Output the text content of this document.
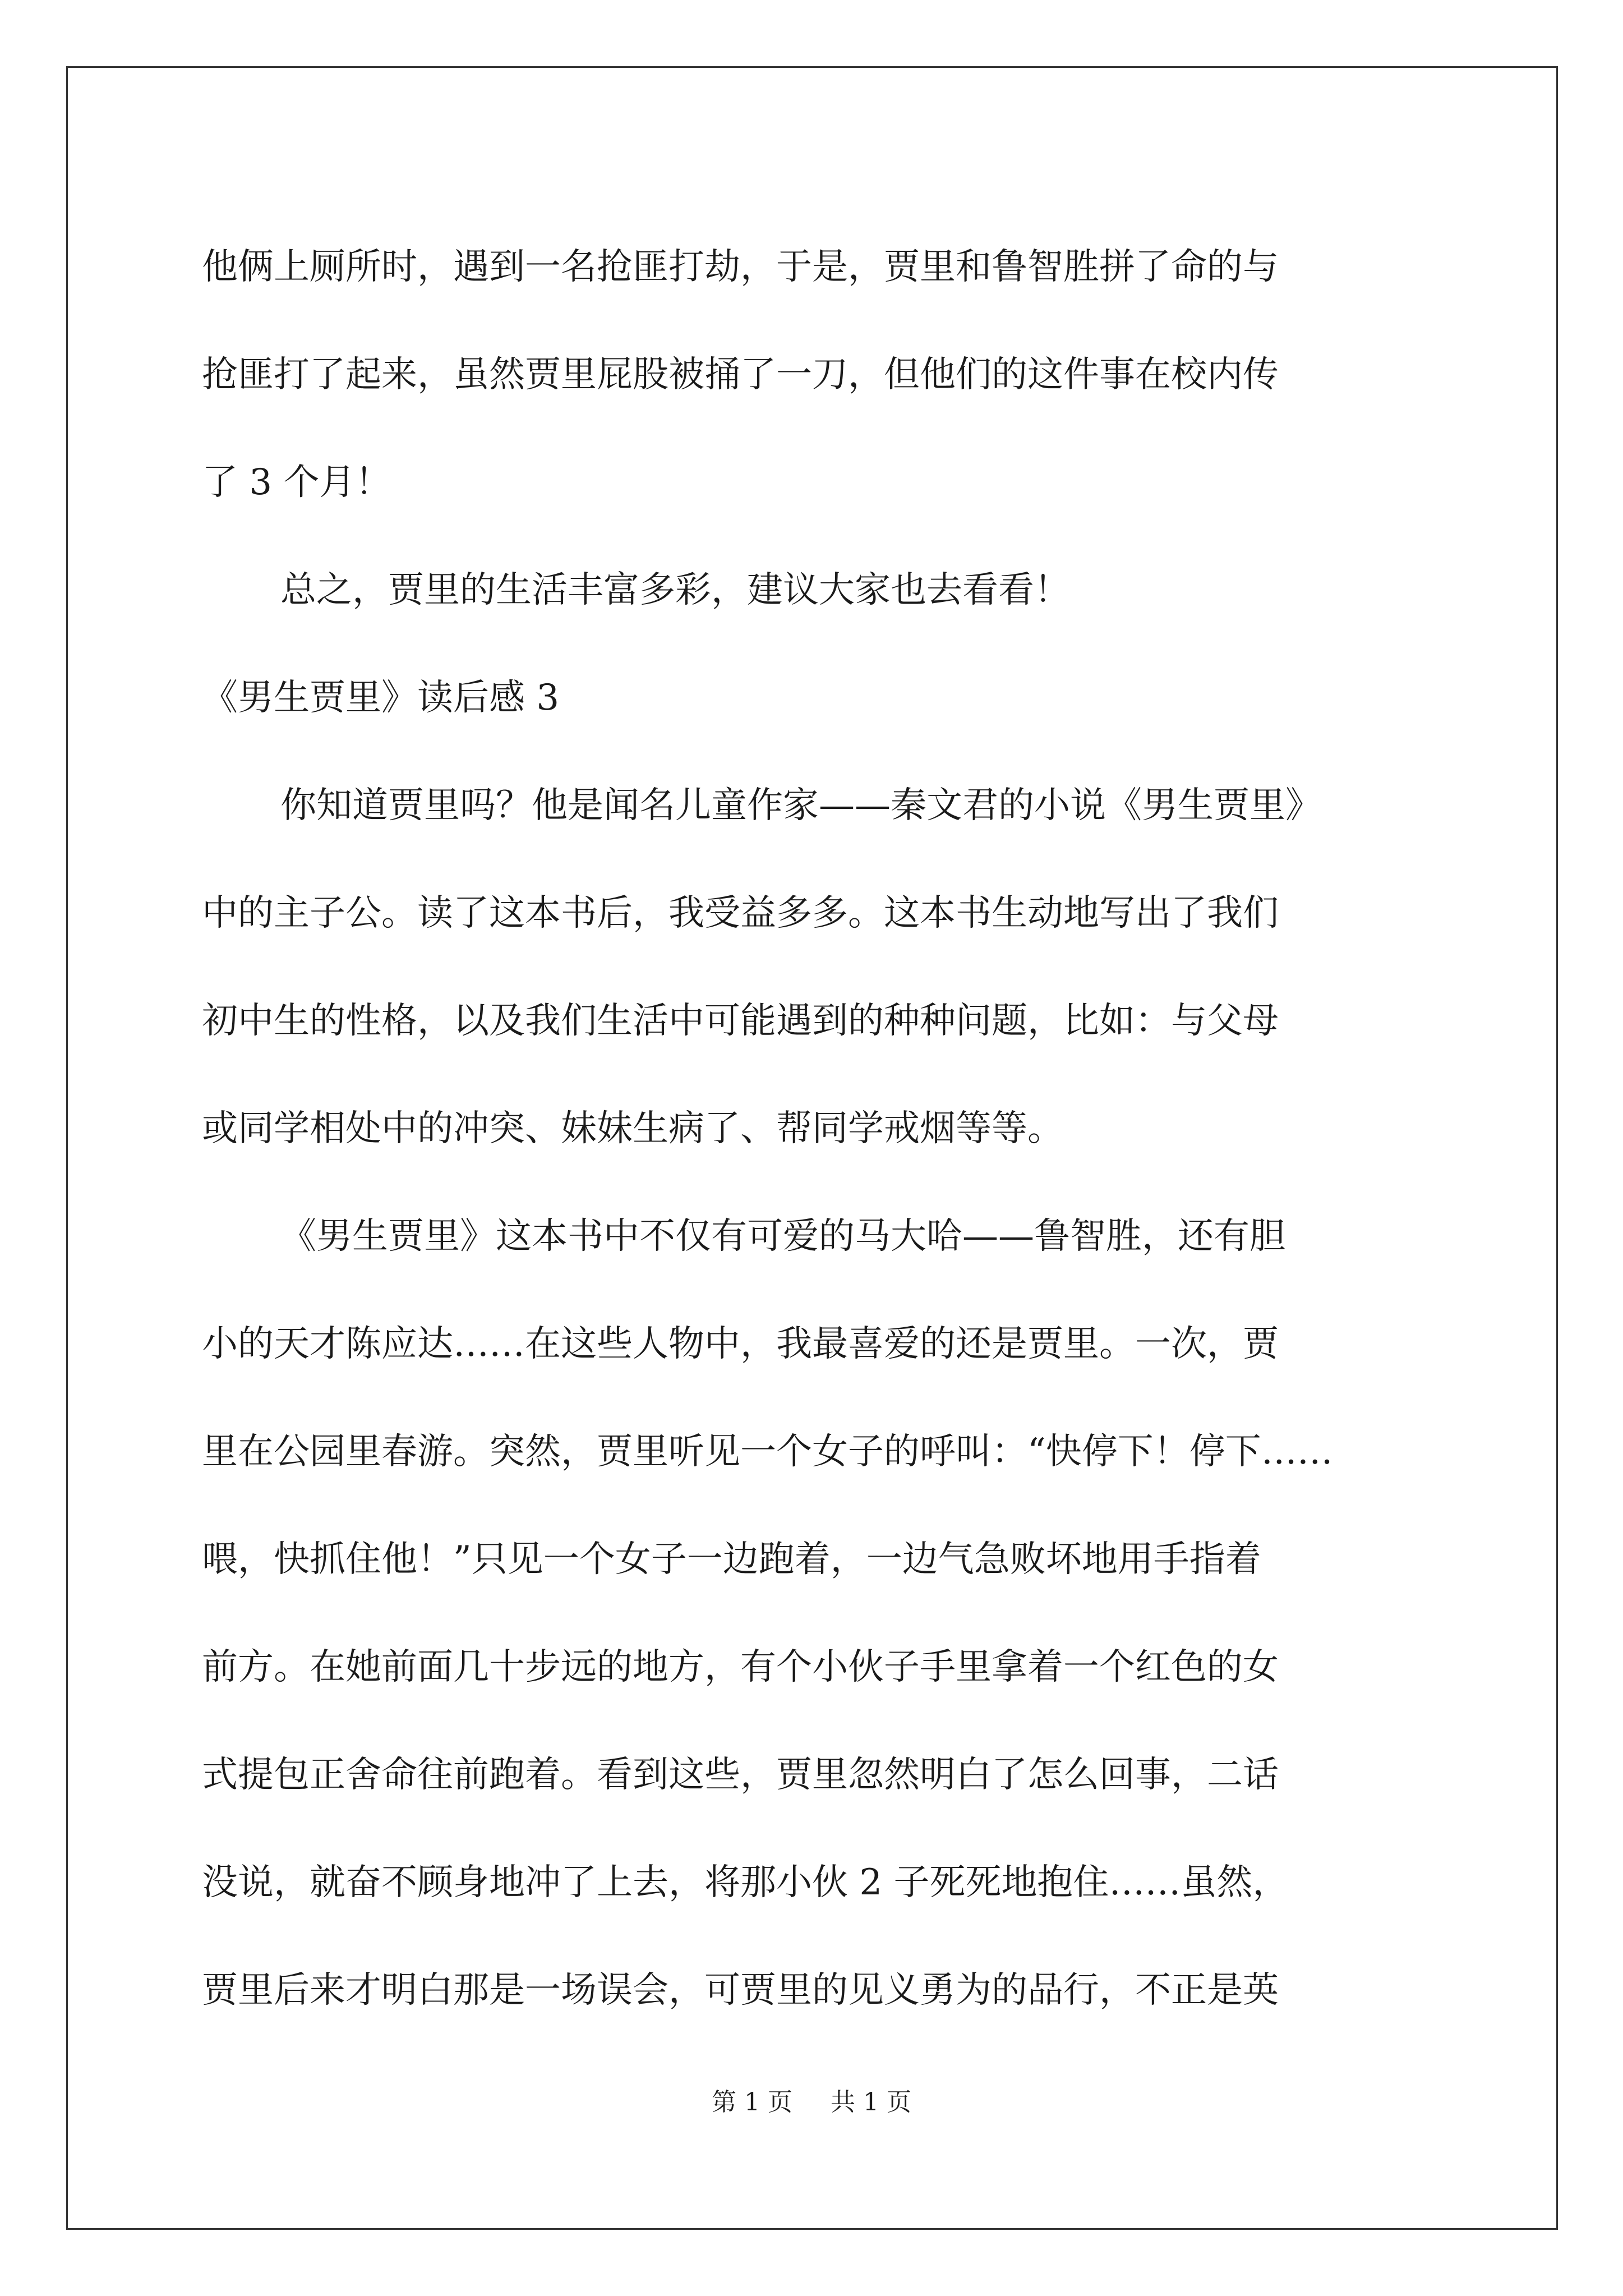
他俩上厕所时，遇到一名抢匪打劫，于是，贾里和鲁智胜拼了命的与
抢匪打了起来，虽然贾里屁股被捅了一刀，但他们的这件事在校内传
了 3 个月！
总之，贾里的生活丰富多彩，建议大家也去看看！
《男生贾里》读后感 3
你知道贾里吗？他是闻名儿童作家——秦文君的小说《男生贾里》
中的主子公。读了这本书后，我受益多多。这本书生动地写出了我们
初中生的性格，以及我们生活中可能遇到的种种问题，比如：与父母
或同学相处中的冲突、妹妹生病了、帮同学戒烟等等。
《男生贾里》这本书中不仅有可爱的马大哈——鲁智胜，还有胆
小的天才陈应达……在这些人物中，我最喜爱的还是贾里。一次，贾
里在公园里春游。突然，贾里听见一个女子的呼叫：“快停下！停下……
喂，快抓住他！”只见一个女子一边跑着，一边气急败坏地用手指着
前方。在她前面几十步远的地方，有个小伙子手里拿着一个红色的女
式提包正舍命往前跑着。看到这些，贾里忽然明白了怎么回事，二话
没说，就奋不顾身地冲了上去，将那小伙 2 子死死地抱住……虽然，
贾里后来才明白那是一场误会，可贾里的见义勇为的品行，不正是英
第 1 页 共 1 页
